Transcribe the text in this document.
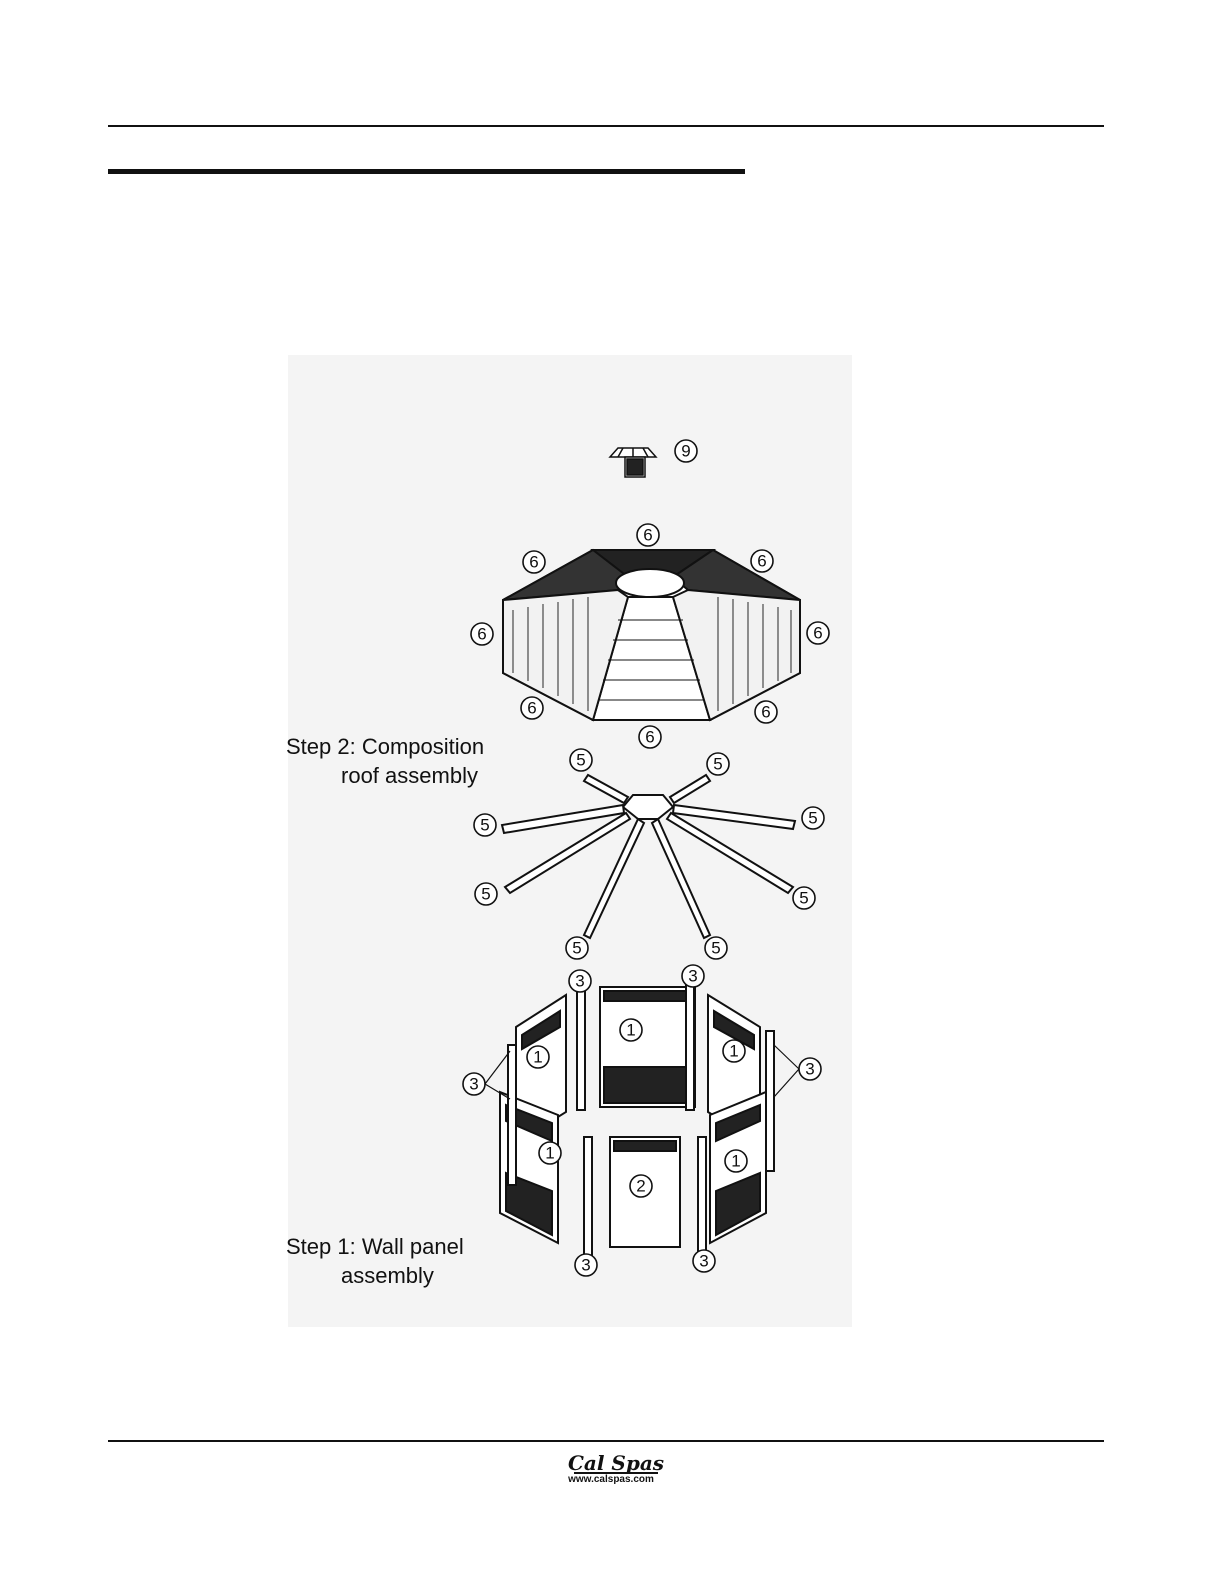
9
6
6
6
6
6
6
6
6
5	5
5	5
5	5
5	5
3	3
3
3
3	3
2
1
1	1
1	1
Step 2: Composition
roof assembly
Step 1: Wall panel
assembly
Cal Spas
www.calspas.com
